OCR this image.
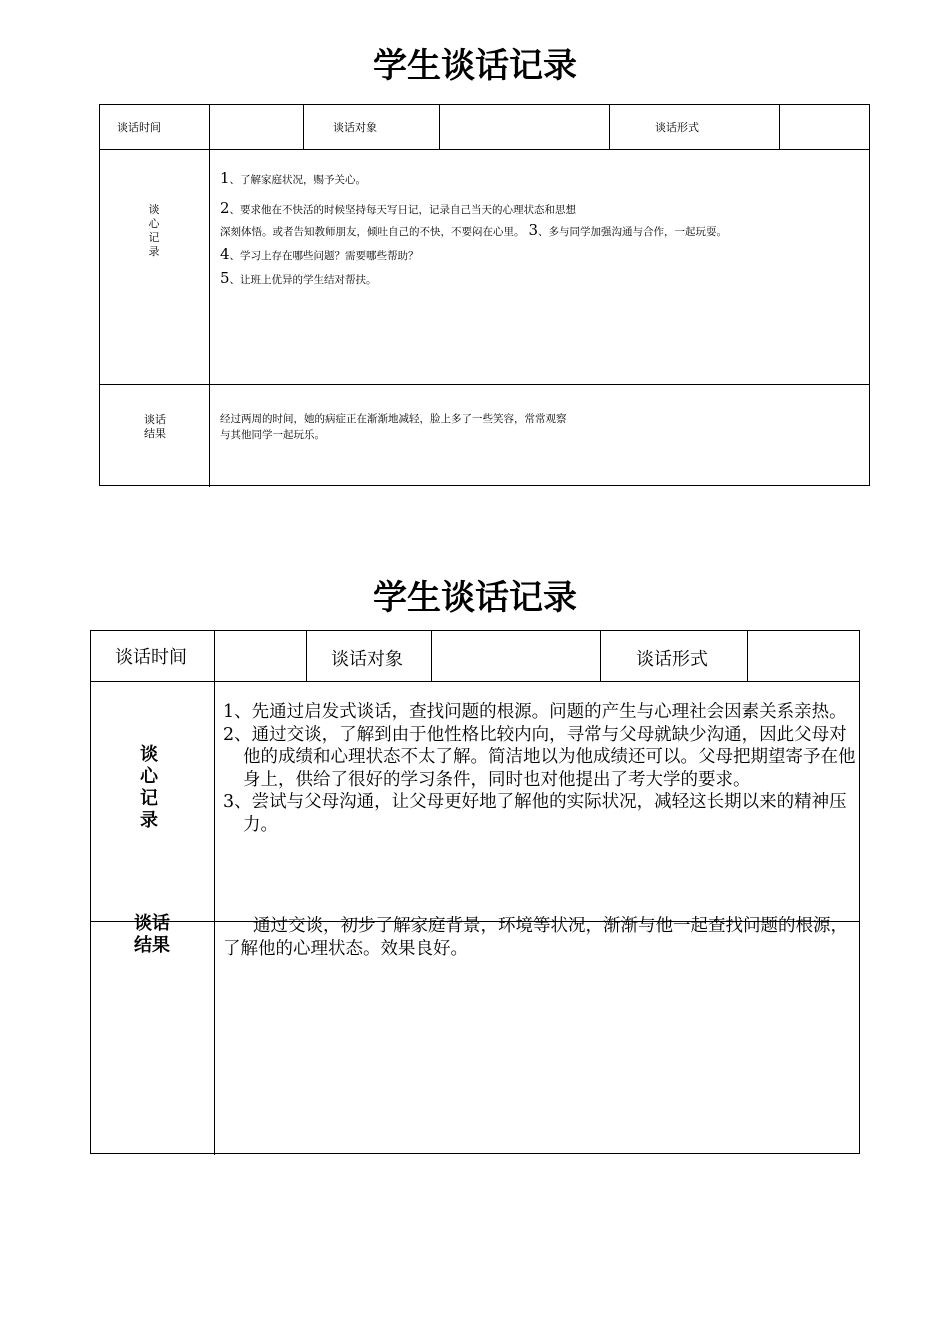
学生谈话记录
谈话时间	谈话对象	谈话形式
谈
心
记
录
1、了解家庭状况，赐予关心。
2、要求他在不快活的时候坚持每天写日记，记录自己当天的心理状态和思想
深刻体悟。或者告知教师朋友，倾吐自己的不快，不要闷在心里。 3、多与同学加强沟通与合作，一起玩耍。
4、学习上存在哪些问题？需要哪些帮助？
5、让班上优异的学生结对帮扶。
谈话
结果
经过两周的时间，她的病症正在渐渐地减轻，脸上多了一些笑容，常常观察
与其他同学一起玩乐。
学生谈话记录
谈话时间	谈话对象	谈话形式
谈
心
记
录

1、先通过启发式谈话，查找问题的根源。问题的产生与心理社会因素关系亲热。

2、通过交谈，了解到由于他性格比较内向，寻常与父母就缺少沟通，因此父母对他的成绩和心理状态不太了解。简洁地以为他成绩还可以。父母把期望寄予在他身上，供给了很好的学习条件，同时也对他提出了考大学的要求。

3、尝试与父母沟通，让父母更好地了解他的实际状况，减轻这长期以来的精神压力。

谈话
结果
通过交谈，初步了解家庭背景，环境等状况，渐渐与他一起查找问题的根源，了解他的心理状态。效果良好。
